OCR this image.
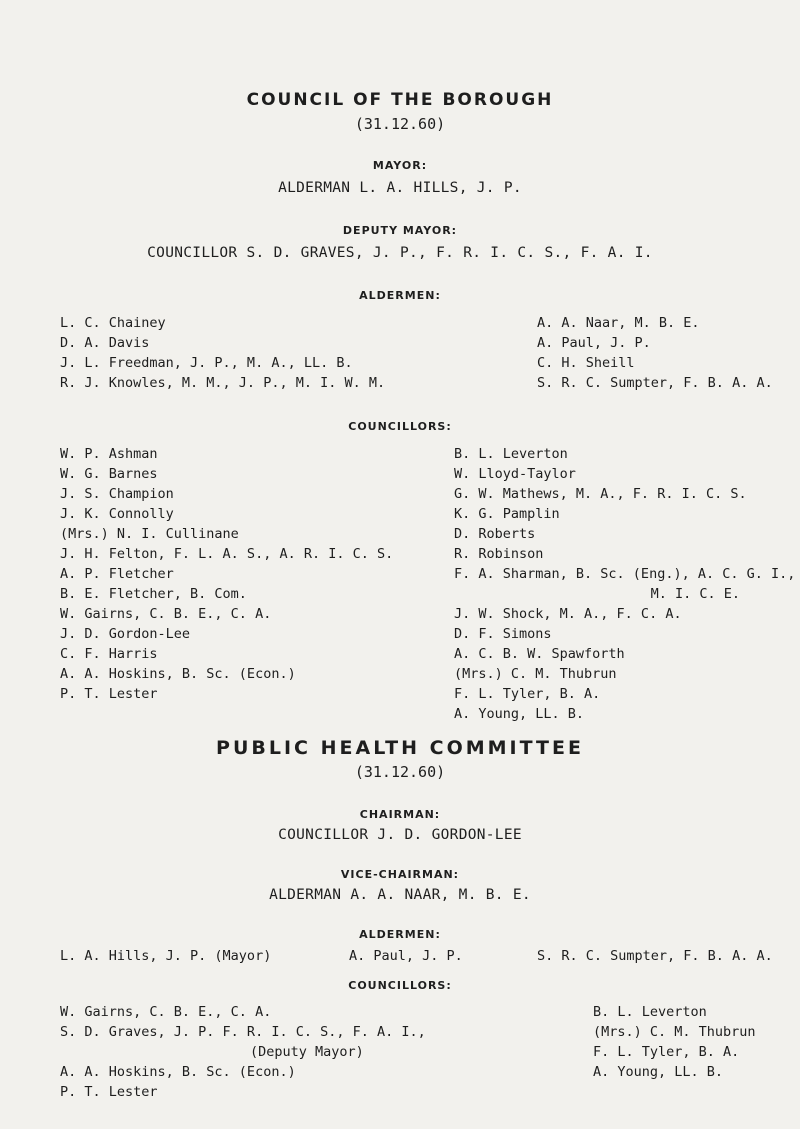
COUNCIL OF THE BOROUGH
(31.12.60)
MAYOR:
ALDERMAN L. A. HILLS, J. P.
DEPUTY MAYOR:
COUNCILLOR S. D. GRAVES, J. P., F. R. I. C. S., F. A. I.
ALDERMEN:
L. C. Chainey
D. A. Davis
J. L. Freedman, J. P., M. A., LL. B.
R. J. Knowles, M. M., J. P., M. I. W. M.
A. A. Naar, M. B. E.
A. Paul, J. P.
C. H. Sheill
S. R. C. Sumpter, F. B. A. A.
COUNCILLORS:
W. P. Ashman
W. G. Barnes
J. S. Champion
J. K. Connolly
(Mrs.) N. I. Cullinane
J. H. Felton, F. L. A. S., A. R. I. C. S.
A. P. Fletcher
B. E. Fletcher, B. Com.
W. Gairns, C. B. E., C. A.
J. D. Gordon-Lee
C. F. Harris
A. A. Hoskins, B. Sc. (Econ.)
P. T. Lester
B. L. Leverton
W. Lloyd-Taylor
G. W. Mathews, M. A., F. R. I. C. S.
K. G. Pamplin
D. Roberts
R. Robinson
F. A. Sharman, B. Sc. (Eng.), A. C. G. I.,
M. I. C. E.
J. W. Shock, M. A., F. C. A.
D. F. Simons
A. C. B. W. Spawforth
(Mrs.) C. M. Thubrun
F. L. Tyler, B. A.
A. Young, LL. B.
PUBLIC HEALTH COMMITTEE
(31.12.60)
CHAIRMAN:
COUNCILLOR J. D. GORDON-LEE
VICE-CHAIRMAN:
ALDERMAN A. A. NAAR, M. B. E.
ALDERMEN:
L. A. Hills, J. P. (Mayor)	A. Paul, J. P.	S. R. C. Sumpter, F. B. A. A.
COUNCILLORS:
W. Gairns, C. B. E., C. A.
S. D. Graves, J. P. F. R. I. C. S., F. A. I.,
(Deputy Mayor)
A. A. Hoskins, B. Sc. (Econ.)
P. T. Lester
B. L. Leverton
(Mrs.) C. M. Thubrun
F. L. Tyler, B. A.
A. Young, LL. B.
